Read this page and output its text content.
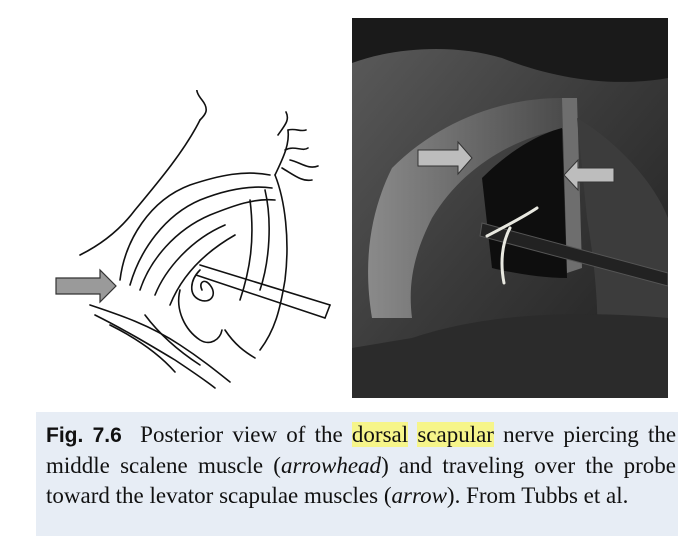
Fig. 7.6 Posterior view of the dorsal scapular nerve piercing the middle scalene muscle (arrowhead) and traveling over the probe toward the levator scapulae muscles (arrow). From Tubbs et al.
